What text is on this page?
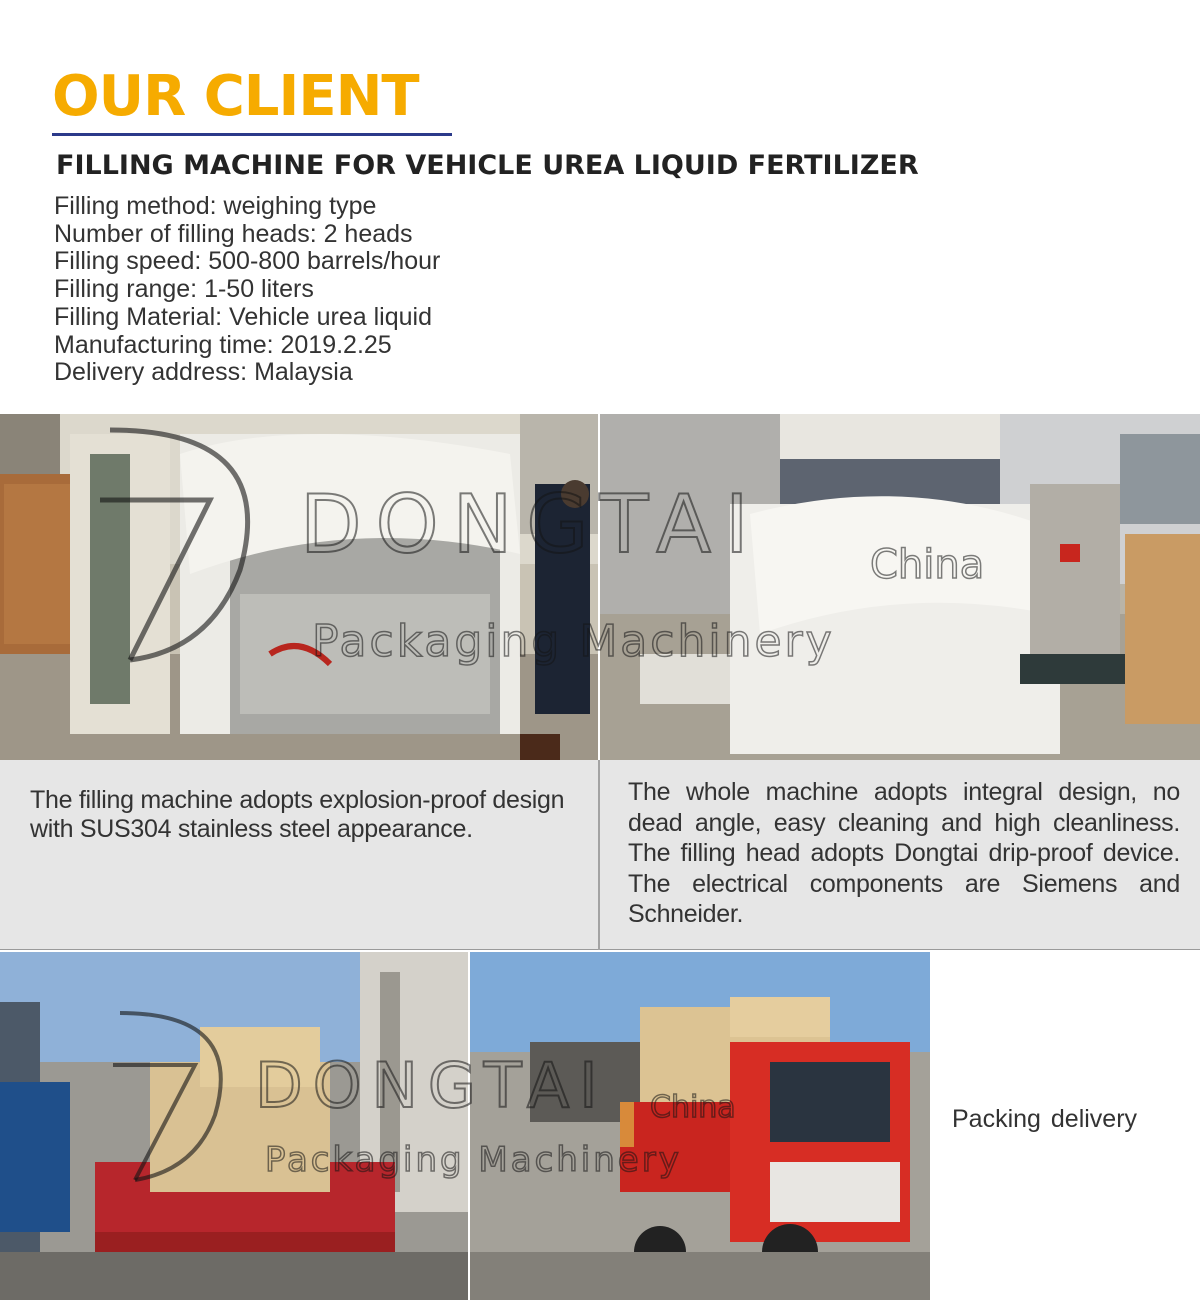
OUR CLIENT
FILLING MACHINE FOR VEHICLE UREA LIQUID FERTILIZER
Filling method: weighing type
Number of filling heads: 2 heads
Filling speed: 500-800 barrels/hour
Filling range: 1-50 liters
Filling Material: Vehicle urea liquid
Manufacturing time: 2019.2.25
Delivery address: Malaysia

The filling machine adopts explosion-proof design with SUS304 stainless steel appearance.

The whole machine adopts integral design, no dead angle, easy cleaning and high cleanliness. The filling head adopts Dongtai drip-proof device. The electrical components are Siemens and Schneider.

Packing delivery
